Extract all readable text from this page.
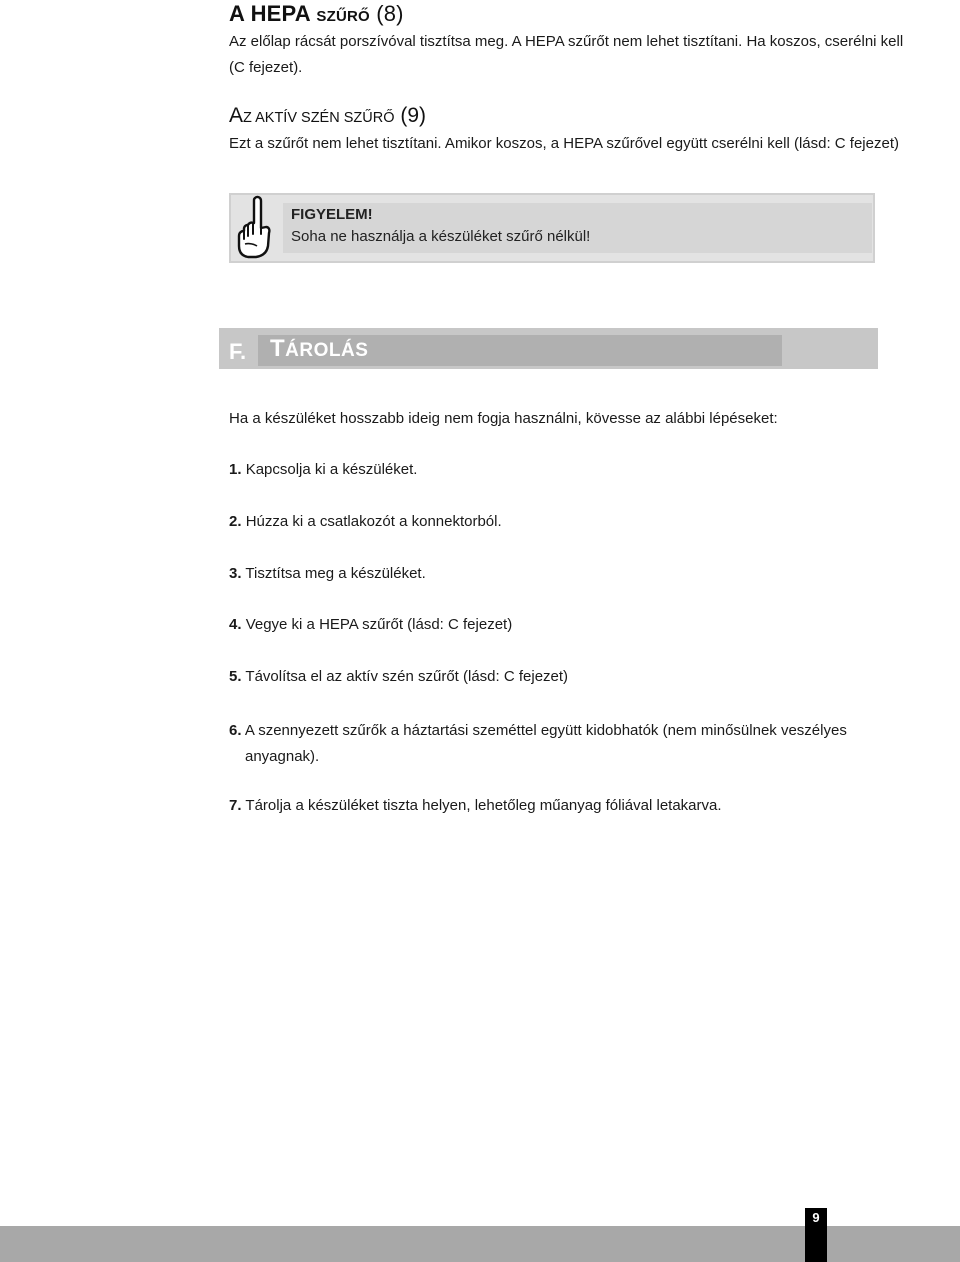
A HEPA SZŰRŐ (8)
Az előlap rácsát porszívóval tisztítsa meg. A HEPA szűrőt nem lehet tisztítani. Ha koszos, cserélni kell
(C fejezet).
AZ AKTÍV SZÉN SZŰRŐ (9)
Ezt a szűrőt nem lehet tisztítani. Amikor koszos, a HEPA szűrővel együtt cserélni kell (lásd: C fejezet)
FIGYELEM!
Soha ne használja a készüléket szűrő nélkül!
F. TÁROLÁS
Ha a készüléket hosszabb ideig nem fogja használni, kövesse az alábbi lépéseket:
1. Kapcsolja ki a készüléket.
2. Húzza ki a csatlakozót a konnektorból.
3. Tisztítsa meg a készüléket.
4. Vegye ki a HEPA szűrőt (lásd: C fejezet)
5. Távolítsa el az aktív szén szűrőt (lásd: C fejezet)
6. A szennyezett szűrők a háztartási szeméttel együtt kidobhatók (nem minősülnek veszélyes
anyagnak).
7. Tárolja a készüléket tiszta helyen, lehetőleg műanyag fóliával letakarva.
9
